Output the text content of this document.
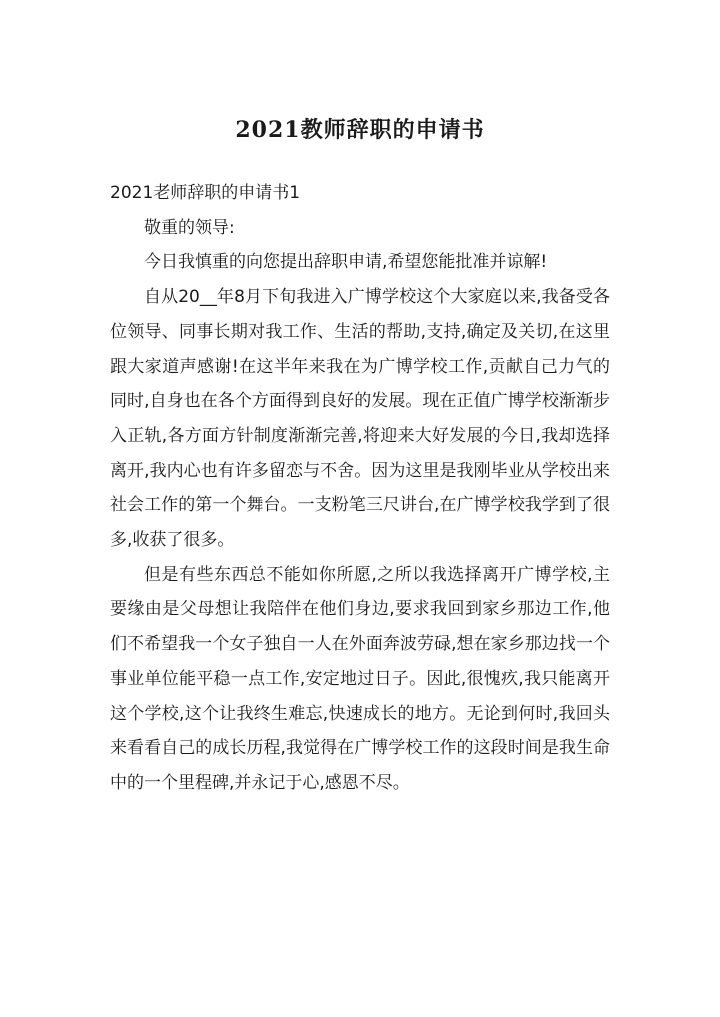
2021教师辞职的申请书

2021老师辞职的申请书1

敬重的领导:

今日我慎重的向您提出辞职申请,希望您能批准并谅解!

自从20__年8月下旬我进入广博学校这个大家庭以来,我备受各位领导、同事长期对我工作、生活的帮助,支持,确定及关切,在这里跟大家道声感谢!在这半年来我在为广博学校工作,贡献自己力气的同时,自身也在各个方面得到良好的发展。现在正值广博学校渐渐步入正轨,各方面方针制度渐渐完善,将迎来大好发展的今日,我却选择离开,我内心也有许多留恋与不舍。因为这里是我刚毕业从学校出来社会工作的第一个舞台。一支粉笔三尺讲台,在广博学校我学到了很多,收获了很多。

但是有些东西总不能如你所愿,之所以我选择离开广博学校,主要缘由是父母想让我陪伴在他们身边,要求我回到家乡那边工作,他们不希望我一个女子独自一人在外面奔波劳碌,想在家乡那边找一个事业单位能平稳一点工作,安定地过日子。因此,很愧疚,我只能离开这个学校,这个让我终生难忘,快速成长的地方。无论到何时,我回头来看看自己的成长历程,我觉得在广博学校工作的这段时间是我生命中的一个里程碑,并永记于心,感恩不尽。
